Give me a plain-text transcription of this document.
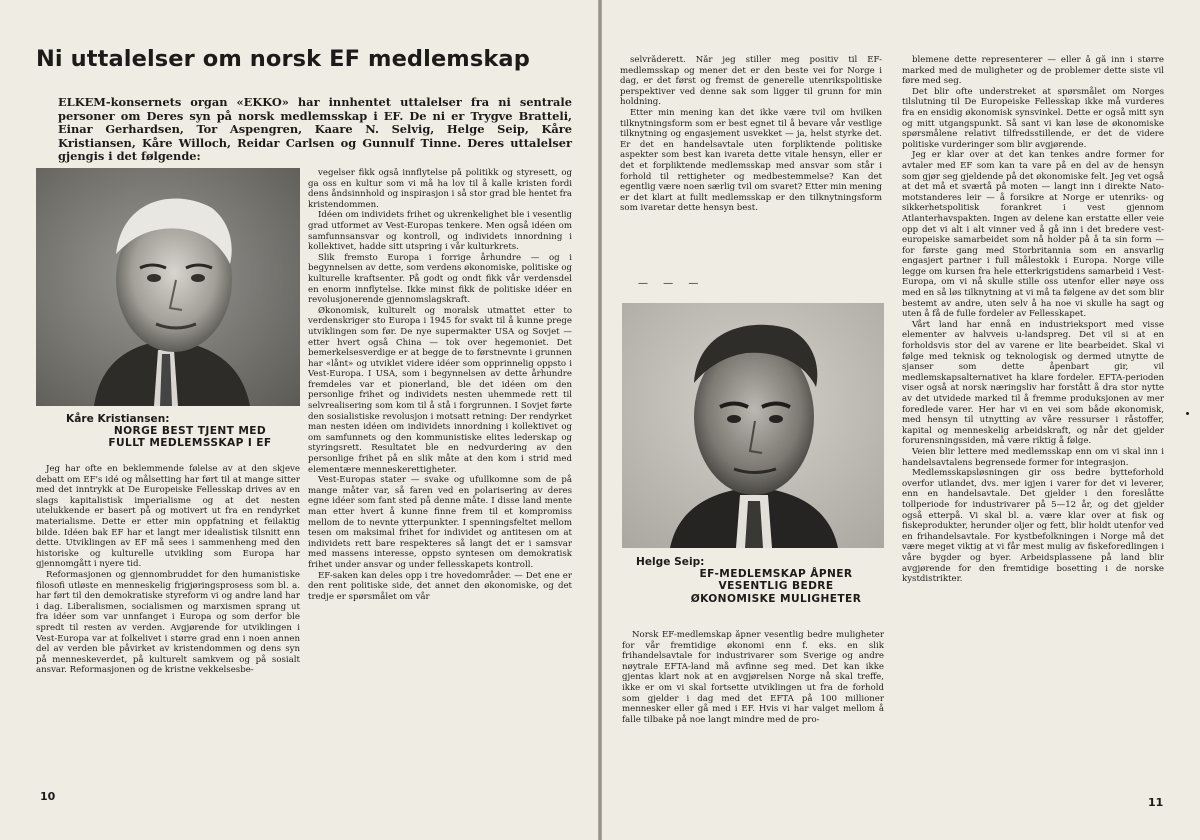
Ni uttalelser om norsk EF medlemskap
ELKEM-konsernets organ «EKKO» har innhentet uttalelser fra ni sentrale personer om Deres syn på norsk medlemsskap i EF. De ni er Trygve Bratteli, Einar Gerhardsen, Tor Aspengren, Kaare N. Selvig, Helge Seip, Kåre Kristiansen, Kåre Willoch, Reidar Carlsen og Gunnulf Tinne. Deres uttalelser gjengis i det følgende:
Kåre Kristiansen:
NORGE BEST TJENT MED
FULLT MEDLEMSSKAP I EF

Jeg har ofte en beklemmende følelse av at den skjeve debatt om EF's idé og målsetting har ført til at mange sitter med det inntrykk at De Europeiske Fellesskap drives av en slags kapitalistisk imperialisme og at det nesten utelukkende er basert på og motivert ut fra en rendyrket materialisme. Dette er etter min oppfatning et feilaktig bilde. Idéen bak EF har et langt mer idealistisk tilsnitt enn dette. Utviklingen av EF må sees i sammenheng med den historiske og kulturelle utvikling som Europa har gjennomgått i nyere tid.

Reformasjonen og gjennombruddet for den humanistiske filosofi utløste en menneskelig frigjøringsprosess som bl. a. har ført til den demokratiske styreform vi og andre land har i dag. Liberalismen, socialismen og marxismen sprang ut fra idéer som var unnfanget i Europa og som derfor ble spredt til resten av verden. Avgjørende for utviklingen i Vest-Europa var at folkelivet i større grad enn i noen annen del av verden ble påvirket av kristendommen og dens syn på menneskeverdet, på kulturelt samkvem og på sosialt ansvar. Reformasjonen og de kristne vekkelsesbe-

vegelser fikk også innflytelse på politikk og styresett, og ga oss en kultur som vi må ha lov til å kalle kristen fordi dens åndsinnhold og inspirasjon i så stor grad ble hentet fra kristendommen.

Idéen om individets frihet og ukrenkelighet ble i vesentlig grad utformet av Vest-Europas tenkere. Men også idéen om samfunnsansvar og kontroll, og individets innordning i kollektivet, hadde sitt utspring i vår kulturkrets.

Slik fremsto Europa i forrige århundre — og i begynnelsen av dette, som verdens økonomiske, politiske og kulturelle kraftsenter. På godt og ondt fikk vår verdensdel en enorm innflytelse. Ikke minst fikk de politiske idéer en revolusjonerende gjennomslagskraft.

Økonomisk, kulturelt og moralsk utmattet etter to verdenskriger sto Europa i 1945 for svakt til å kunne prege utviklingen som før. De nye supermakter USA og Sovjet — etter hvert også China — tok over hegemoniet. Det bemerkelsesverdige er at begge de to førstnevnte i grunnen har «lånt» og utviklet videre idéer som opprinnelig oppsto i Vest-Europa. I USA, som i begynnelsen av dette århundre fremdeles var et pionerland, ble det idéen om den personlige frihet og individets nesten uhemmede rett til selvrealisering som kom til å stå i forgrunnen. I Sovjet førte den sosialistiske revolusjon i motsatt retning: Der rendyrket man nesten idéen om individets innordning i kollektivet og om samfunnets og den kommunistiske elites lederskap og styringsrett. Resultatet ble en nedvurdering av den personlige frihet på en slik måte at den kom i strid med elementære menneskerettigheter.

Vest-Europas stater — svake og ufullkomne som de på mange måter var, så faren ved en polarisering av deres egne idéer som fant sted på denne måte. I disse land mente man etter hvert å kunne finne frem til et kompromiss mellom de to nevnte ytterpunkter. I spenningsfeltet mellom tesen om maksimal frihet for individet og antitesen om at individets rett bare respekteres så langt det er i samsvar med massens interesse, oppsto syntesen om demokratisk frihet under ansvar og under fellesskapets kontroll.

EF-saken kan deles opp i tre hovedområder. — Det ene er den rent politiske side, det annet den økonomiske, og det tredje er spørsmålet om vår

10

selvråderett. Når jeg stiller meg positiv til EF-medlemsskap og mener det er den beste vei for Norge i dag, er det først og fremst de generelle utenrikspolitiske perspektiver ved denne sak som ligger til grunn for min holdning.

Etter min mening kan det ikke være tvil om hvilken tilknytningsform som er best egnet til å bevare vår vestlige tilknytning og engasjement usvekket — ja, helst styrke det. Er det en handelsavtale uten forpliktende politiske aspekter som best kan ivareta dette vitale hensyn, eller er det et forpliktende medlemsskap med ansvar som står i forhold til rettigheter og medbestemmelse? Kan det egentlig være noen særlig tvil om svaret? Etter min mening er det klart at fullt medlemsskap er den tilknytningsform som ivaretar dette hensyn best.

— — —
Helge Seip:
EF-MEDLEMSKAP ÅPNER
VESENTLIG BEDRE
ØKONOMISKE MULIGHETER

Norsk EF-medlemskap åpner vesentlig bedre muligheter for vår fremtidige økonomi enn f. eks. en slik frihandelsavtale for industrivarer som Sverige og andre nøytrale EFTA-land må avfinne seg med. Det kan ikke gjentas klart nok at en avgjørelsen Norge nå skal treffe, ikke er om vi skal fortsette utviklingen ut fra de forhold som gjelder i dag med det EFTA på 100 millioner mennesker eller gå med i EF. Hvis vi har valget mellom å falle tilbake på noe langt mindre med de pro-

blemene dette representerer — eller å gå inn i større marked med de muligheter og de problemer dette siste vil føre med seg.

Det blir ofte understreket at spørsmålet om Norges tilslutning til De Europeiske Fellesskap ikke må vurderes fra en ensidig økonomisk synsvinkel. Dette er også mitt syn og mitt utgangspunkt. Så sant vi kan løse de økonomiske spørsmålene relativt tilfredsstillende, er det de videre politiske vurderinger som blir avgjørende.

Jeg er klar over at det kan tenkes andre former for avtaler med EF som kan ta vare på en del av de hensyn som gjør seg gjeldende på det økonomiske felt. Jeg vet også at det må et sværtå på moten — langt inn i direkte Nato-motstanderes leir — å forsikre at Norge er utenriks- og sikkerhetspolitisk forankret i vest gjennom Atlanterhavspakten. Ingen av delene kan erstatte eller veie opp det vi alt i alt vinner ved å gå inn i det bredere vest-europeiske samarbeidet som nå holder på å ta sin form — for første gang med Storbritannia som en ansvarlig engasjert partner i full målestokk i Europa. Norge ville legge om kursen fra hele etterkrigstidens samarbeid i Vest-Europa, om vi nå skulle stille oss utenfor eller nøye oss med en så løs tilknytning at vi må ta følgene av det som blir bestemt av andre, uten selv å ha noe vi skulle ha sagt og uten å få de fulle fordeler av Fellesskapet.

Vårt land har ennå en industrieksport med visse elementer av halvveis u-landspreg. Det vil si at en forholdsvis stor del av varene er lite bearbeidet. Skal vi følge med teknisk og teknologisk og dermed utnytte de sjanser som dette åpenbart gir, vil medlemskapsalternativet ha klare fordeler. EFTA-perioden viser også at norsk næringsliv har forstått å dra stor nytte av det utvidede marked til å fremme produksjonen av mer foredlede varer. Her har vi en vei som både økonomisk, med hensyn til utnytting av våre ressurser i råstoffer, kapital og menneskelig arbeidskraft, og når det gjelder forurensningssiden, må være riktig å følge.

Veien blir lettere med medlemsskap enn om vi skal inn i handelsavtalens begrensede former for integrasjon.

Medlemsskapsløsningen gir oss bedre bytteforhold overfor utlandet, dvs. mer igjen i varer for det vi leverer, enn en handelsavtale. Det gjelder i den foreslåtte tollperiode for industrivarer på 5—12 år, og det gjelder også etterpå. Vi skal bl. a. være klar over at fisk og fiskeprodukter, herunder oljer og fett, blir holdt utenfor ved en frihandelsavtale. For kystbefolkningen i Norge må det være meget viktig at vi får mest mulig av fiskeforedlingen i våre bygder og byer. Arbeidsplassene på land blir avgjørende for den fremtidige bosetting i de norske kystdistrikter.

11
